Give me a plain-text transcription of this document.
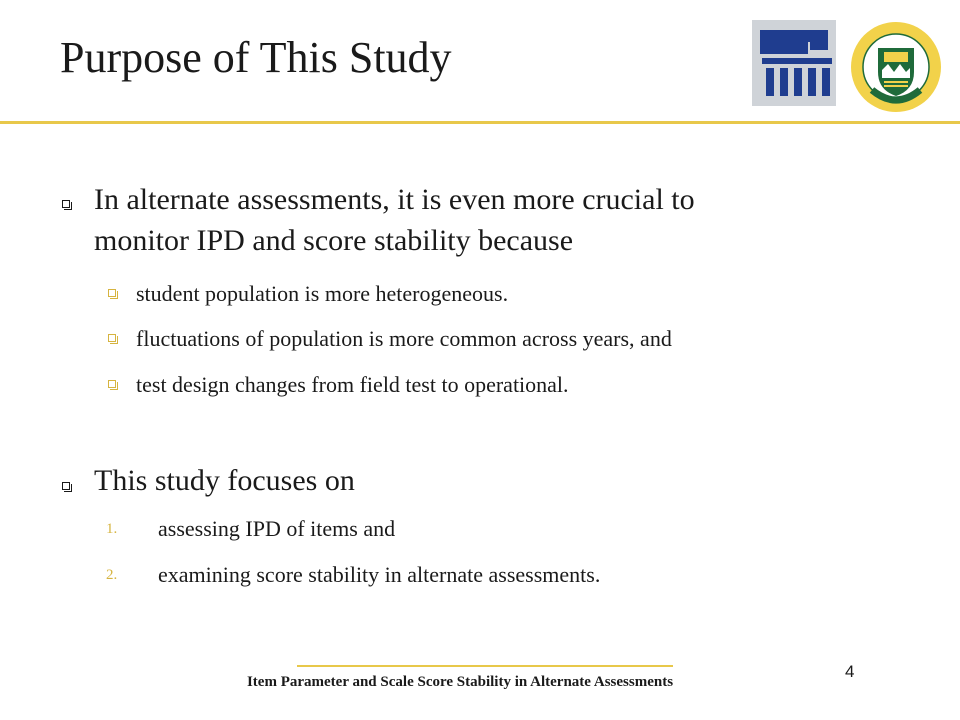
Purpose of This Study
In alternate assessments, it is even more crucial to
monitor IPD and score stability because
student population is more heterogeneous.
fluctuations of population is more common across years, and
test design changes from field test to operational.
This study focuses on
1. assessing IPD of items and
2. examining score stability in alternate assessments.
Item Parameter and Scale Score Stability in Alternate Assessments
4
